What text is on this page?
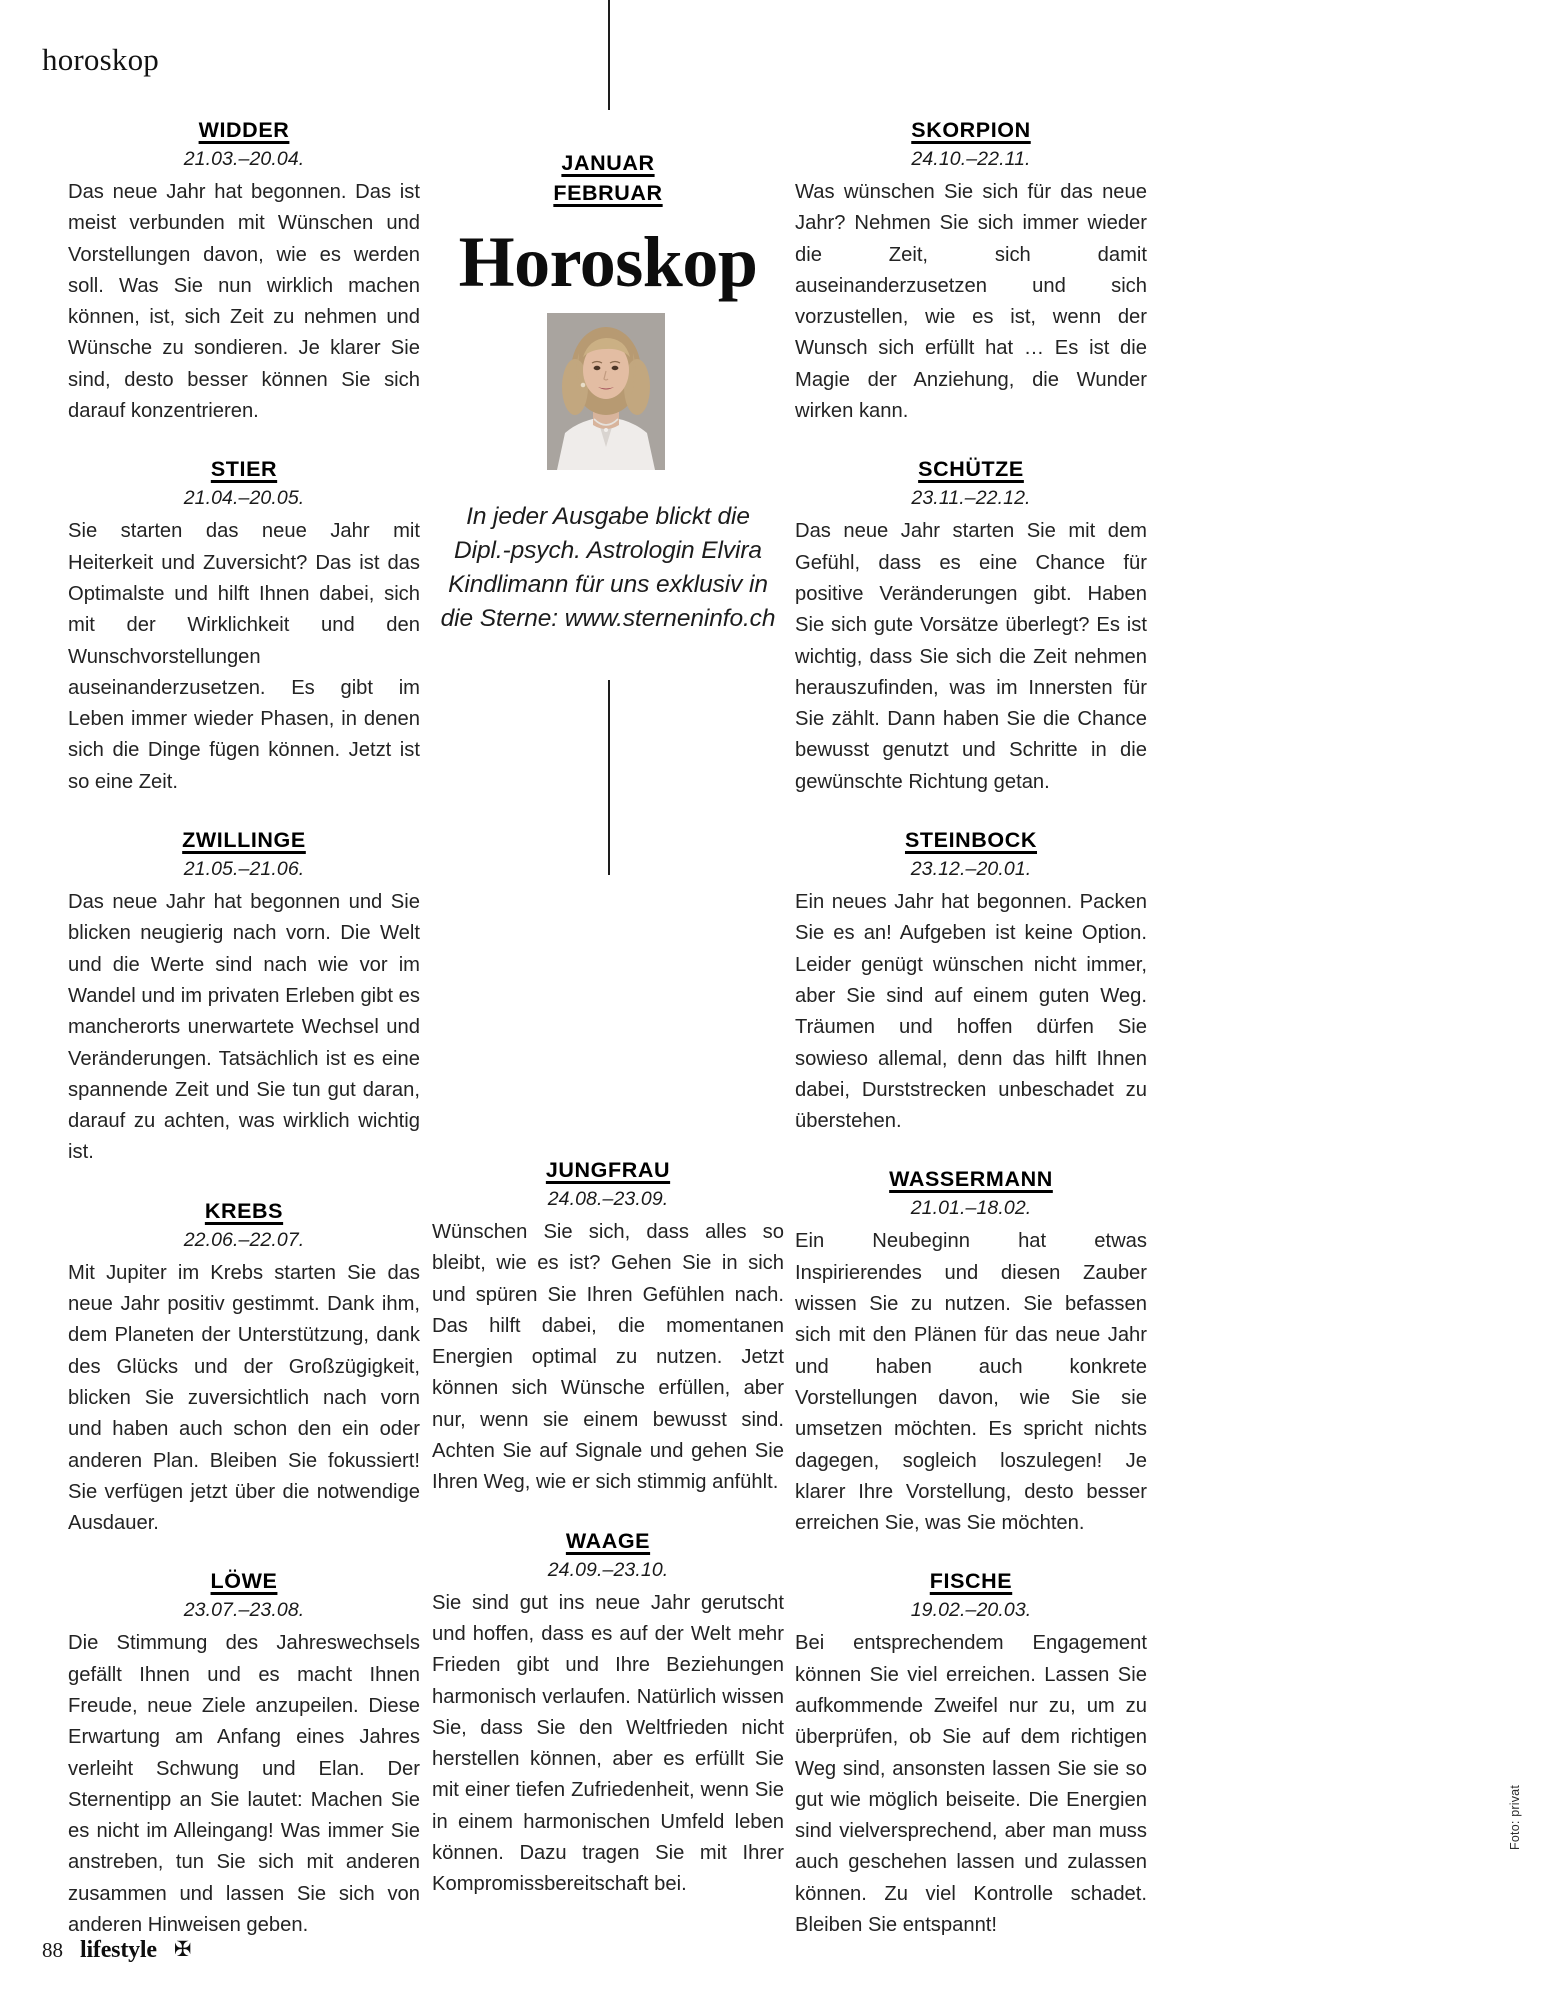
horoskop
WIDDER
21.03.–20.04.

Das neue Jahr hat begonnen. Das ist meist verbunden mit Wünschen und Vorstellungen davon, wie es werden soll. Was Sie nun wirklich machen können, ist, sich Zeit zu nehmen und Wünsche zu sondieren. Je klarer Sie sind, desto besser können Sie sich darauf konzentrieren.

STIER
21.04.–20.05.

Sie starten das neue Jahr mit Heiterkeit und Zuversicht? Das ist das Optimalste und hilft Ihnen dabei, sich mit der Wirklichkeit und den Wunschvorstellungen auseinanderzusetzen. Es gibt im Leben immer wieder Phasen, in denen sich die Dinge fügen können. Jetzt ist so eine Zeit.

ZWILLINGE
21.05.–21.06.

Das neue Jahr hat begonnen und Sie blicken neugierig nach vorn. Die Welt und die Werte sind nach wie vor im Wandel und im privaten Erleben gibt es mancherorts unerwartete Wechsel und Veränderungen. Tatsächlich ist es eine spannende Zeit und Sie tun gut daran, darauf zu achten, was wirklich wichtig ist.

KREBS
22.06.–22.07.

Mit Jupiter im Krebs starten Sie das neue Jahr positiv gestimmt. Dank ihm, dem Planeten der Unterstützung, dank des Glücks und der Großzügigkeit, blicken Sie zuversichtlich nach vorn und haben auch schon den ein oder anderen Plan. Bleiben Sie fokussiert! Sie verfügen jetzt über die notwendige Ausdauer.

LÖWE
23.07.–23.08.

Die Stimmung des Jahreswechsels gefällt Ihnen und es macht Ihnen Freude, neue Ziele anzupeilen. Diese Erwartung am Anfang eines Jahres verleiht Schwung und Elan. Der Sternentipp an Sie lautet: Machen Sie es nicht im Alleingang! Was immer Sie anstreben, tun Sie sich mit anderen zusammen und lassen Sie sich von anderen Hinweisen geben.

JANUAR
FEBRUAR
Horoskop
In jeder Ausgabe blickt die Dipl.-psych. Astrologin Elvira Kindlimann für uns exklusiv in die Sterne: www.sterneninfo.ch
JUNGFRAU
24.08.–23.09.

Wünschen Sie sich, dass alles so bleibt, wie es ist? Gehen Sie in sich und spüren Sie Ihren Gefühlen nach. Das hilft dabei, die momentanen Energien optimal zu nutzen. Jetzt können sich Wünsche erfüllen, aber nur, wenn sie einem bewusst sind. Achten Sie auf Signale und gehen Sie Ihren Weg, wie er sich stimmig anfühlt.

WAAGE
24.09.–23.10.

Sie sind gut ins neue Jahr gerutscht und hoffen, dass es auf der Welt mehr Frieden gibt und Ihre Beziehungen harmonisch verlaufen. Natürlich wissen Sie, dass Sie den Weltfrieden nicht herstellen können, aber es erfüllt Sie mit einer tiefen Zufriedenheit, wenn Sie in einem harmonischen Umfeld leben können. Dazu tragen Sie mit Ihrer Kompromissbereitschaft bei.

SKORPION
24.10.–22.11.

Was wünschen Sie sich für das neue Jahr? Nehmen Sie sich immer wieder die Zeit, sich damit auseinanderzusetzen und sich vorzustellen, wie es ist, wenn der Wunsch sich erfüllt hat … Es ist die Magie der Anziehung, die Wunder wirken kann.

SCHÜTZE
23.11.–22.12.

Das neue Jahr starten Sie mit dem Gefühl, dass es eine Chance für positive Veränderungen gibt. Haben Sie sich gute Vorsätze überlegt? Es ist wichtig, dass Sie sich die Zeit nehmen herauszufinden, was im Innersten für Sie zählt. Dann haben Sie die Chance bewusst genutzt und Schritte in die gewünschte Richtung getan.

STEINBOCK
23.12.–20.01.

Ein neues Jahr hat begonnen. Packen Sie es an! Aufgeben ist keine Option. Leider genügt wünschen nicht immer, aber Sie sind auf einem guten Weg. Träumen und hoffen dürfen Sie sowieso allemal, denn das hilft Ihnen dabei, Durststrecken unbeschadet zu überstehen.

WASSERMANN
21.01.–18.02.

Ein Neubeginn hat etwas Inspirierendes und diesen Zauber wissen Sie zu nutzen. Sie befassen sich mit den Plänen für das neue Jahr und haben auch konkrete Vorstellungen davon, wie Sie sie umsetzen möchten. Es spricht nichts dagegen, sogleich loszulegen! Je klarer Ihre Vorstellung, desto besser erreichen Sie, was Sie möchten.

FISCHE
19.02.–20.03.

Bei entsprechendem Engagement können Sie viel erreichen. Lassen Sie aufkommende Zweifel nur zu, um zu überprüfen, ob Sie auf dem richtigen Weg sind, ansonsten lassen Sie sie so gut wie möglich beiseite. Die Energien sind vielversprechend, aber man muss auch geschehen lassen und zulassen können. Zu viel Kontrolle schadet. Bleiben Sie entspannt!

88 lifestyle ✠
Foto: privat
